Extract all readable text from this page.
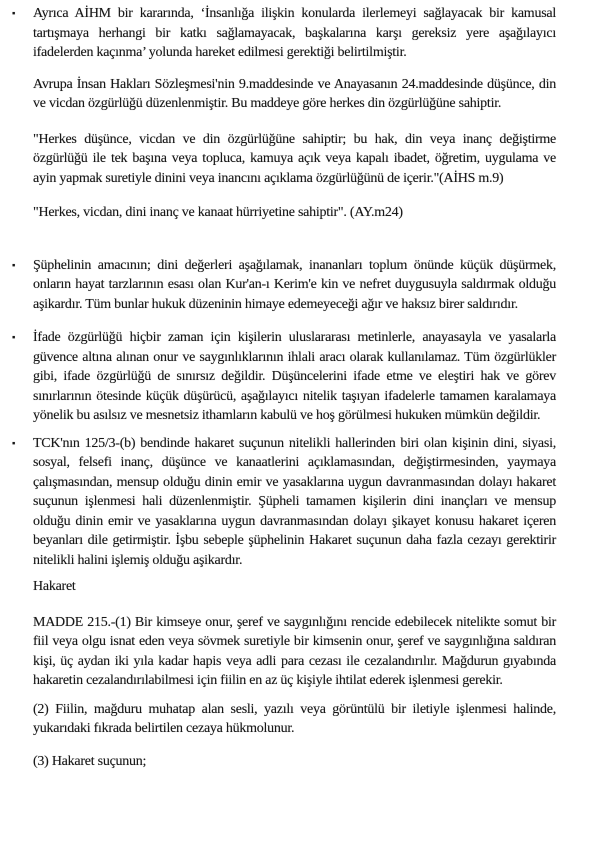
▪ Ayrıca AİHM bir kararında, ‘İnsanlığa ilişkin konularda ilerlemeyi sağlayacak bir kamusal tartışmaya herhangi bir katkı sağlamayacak, başkalarına karşı gereksiz yere aşağılayıcı ifadelerden kaçınma’ yolunda hareket edilmesi gerektiği belirtilmiştir.
Avrupa İnsan Hakları Sözleşmesi'nin 9.maddesinde ve Anayasanın 24.maddesinde düşünce, din ve vicdan özgürlüğü düzenlenmiştir. Bu maddeye göre herkes din özgürlüğüne sahiptir.
"Herkes düşünce, vicdan ve din özgürlüğüne sahiptir; bu hak, din veya inanç değiştirme özgürlüğü ile tek başına veya topluca, kamuya açık veya kapalı ibadet, öğretim, uygulama ve ayin yapmak suretiyle dinini veya inancını açıklama özgürlüğünü de içerir."(AİHS m.9)
"Herkes, vicdan, dini inanç ve kanaat hürriyetine sahiptir". (AY.m24)
▪ Şüphelinin amacının; dini değerleri aşağılamak, inananları toplum önünde küçük düşürmek, onların hayat tarzlarının esası olan Kur'an-ı Kerim'e kin ve nefret duygusuyla saldırmak olduğu aşikardır. Tüm bunlar hukuk düzeninin himaye edemeyeceği ağır ve haksız birer saldırıdır.
▪ İfade özgürlüğü hiçbir zaman için kişilerin uluslararası metinlerle, anayasayla ve yasalarla güvence altına alınan onur ve saygınlıklarının ihlali aracı olarak kullanılamaz. Tüm özgürlükler gibi, ifade özgürlüğü de sınırsız değildir. Düşüncelerini ifade etme ve eleştiri hak ve görev sınırlarının ötesinde küçük düşürücü, aşağılayıcı nitelik taşıyan ifadelerle tamamen karalamaya yönelik bu asılsız ve mesnetsiz ithamların kabulü ve hoş görülmesi hukuken mümkün değildir.
▪ TCK'nın 125/3-(b) bendinde hakaret suçunun nitelikli hallerinden biri olan kişinin dini, siyasi, sosyal, felsefi inanç, düşünce ve kanaatlerini açıklamasından, değiştirmesinden, yaymaya çalışmasından, mensup olduğu dinin emir ve yasaklarına uygun davranmasından dolayı hakaret suçunun işlenmesi hali düzenlenmiştir. Şüpheli tamamen kişilerin dini inançları ve mensup olduğu dinin emir ve yasaklarına uygun davranmasından dolayı şikayet konusu hakaret içeren beyanları dile getirmiştir. İşbu sebeple şüphelinin Hakaret suçunun daha fazla cezayı gerektirir nitelikli halini işlemiş olduğu aşikardır.
Hakaret
MADDE 215.-(1) Bir kimseye onur, şeref ve saygınlığını rencide edebilecek nitelikte somut bir fiil veya olgu isnat eden veya sövmek suretiyle bir kimsenin onur, şeref ve saygınlığına saldıran kişi, üç aydan iki yıla kadar hapis veya adli para cezası ile cezalandırılır. Mağdurun gıyabında hakaretin cezalandırılabilmesi için fiilin en az üç kişiyle ihtilat ederek işlenmesi gerekir.
(2) Fiilin, mağduru muhatap alan sesli, yazılı veya görüntülü bir iletiyle işlenmesi halinde, yukarıdaki fıkrada belirtilen cezaya hükmolunur.
(3) Hakaret suçunun;
